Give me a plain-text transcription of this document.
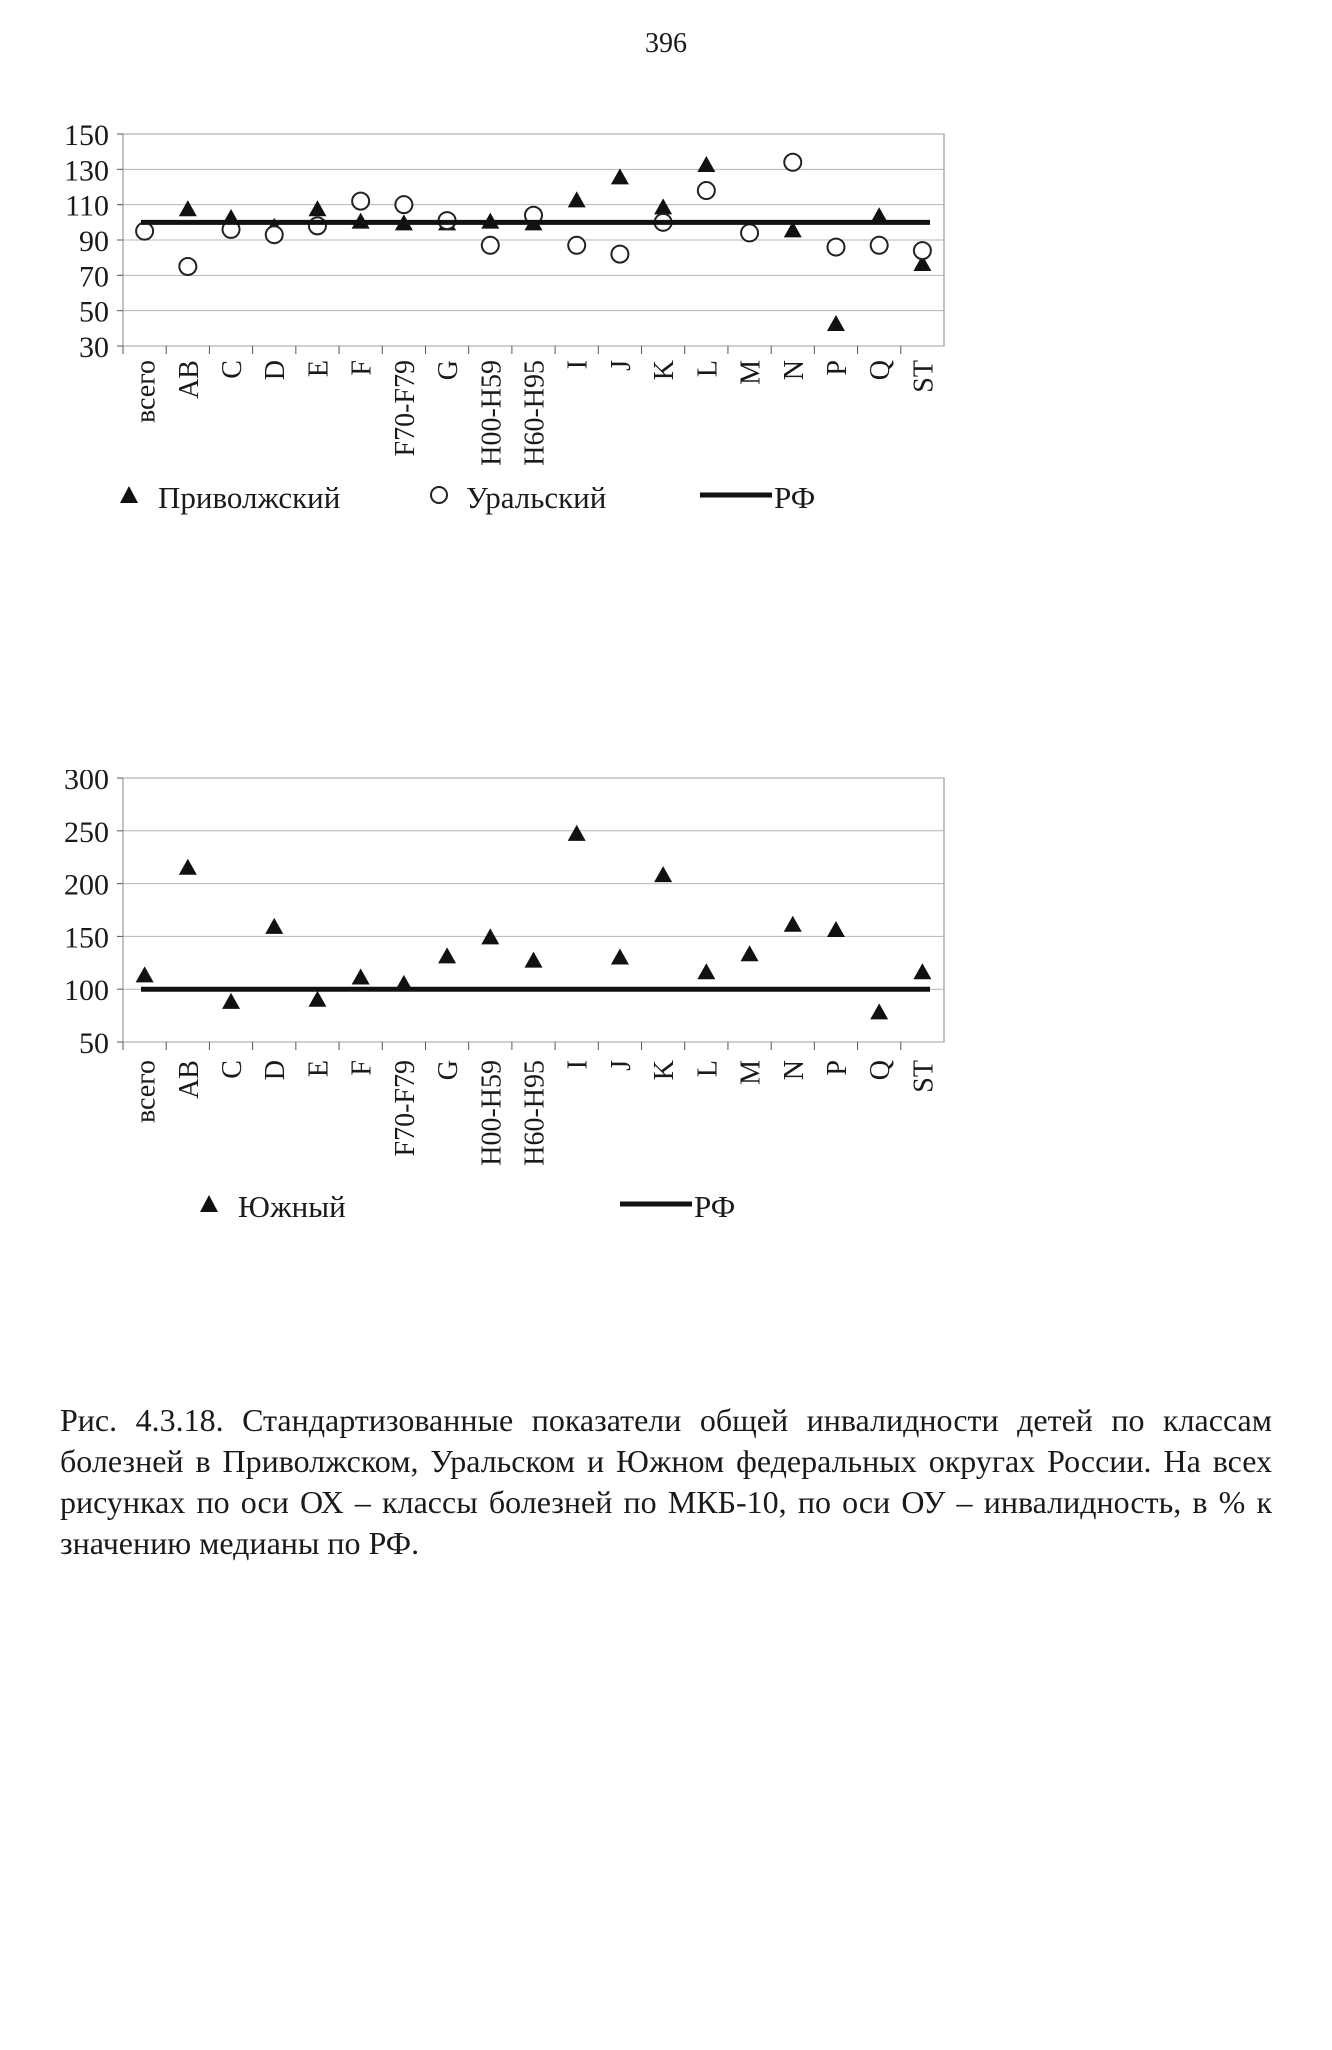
396
30
50
70
90
110
130
150
всего AB C D E F F70-F79 G H00-H59 H60-H95 I J K L M N P Q ST
Приволжский	Уральский	РФ
50
100
150
200
250
300
всего AB C D E F F70-F79 G H00-H59 H60-H95 I J K L M N P Q ST
Южный	РФ
Рис. 4.3.18. Стандартизованные показатели общей инвалидности детей по классам болезней в Приволжском, Уральском и Южном федеральных округах России. На всех рисунках по оси ОХ – классы болезней по МКБ-10, по оси ОУ – инвалидность, в % к значению медианы по РФ.
